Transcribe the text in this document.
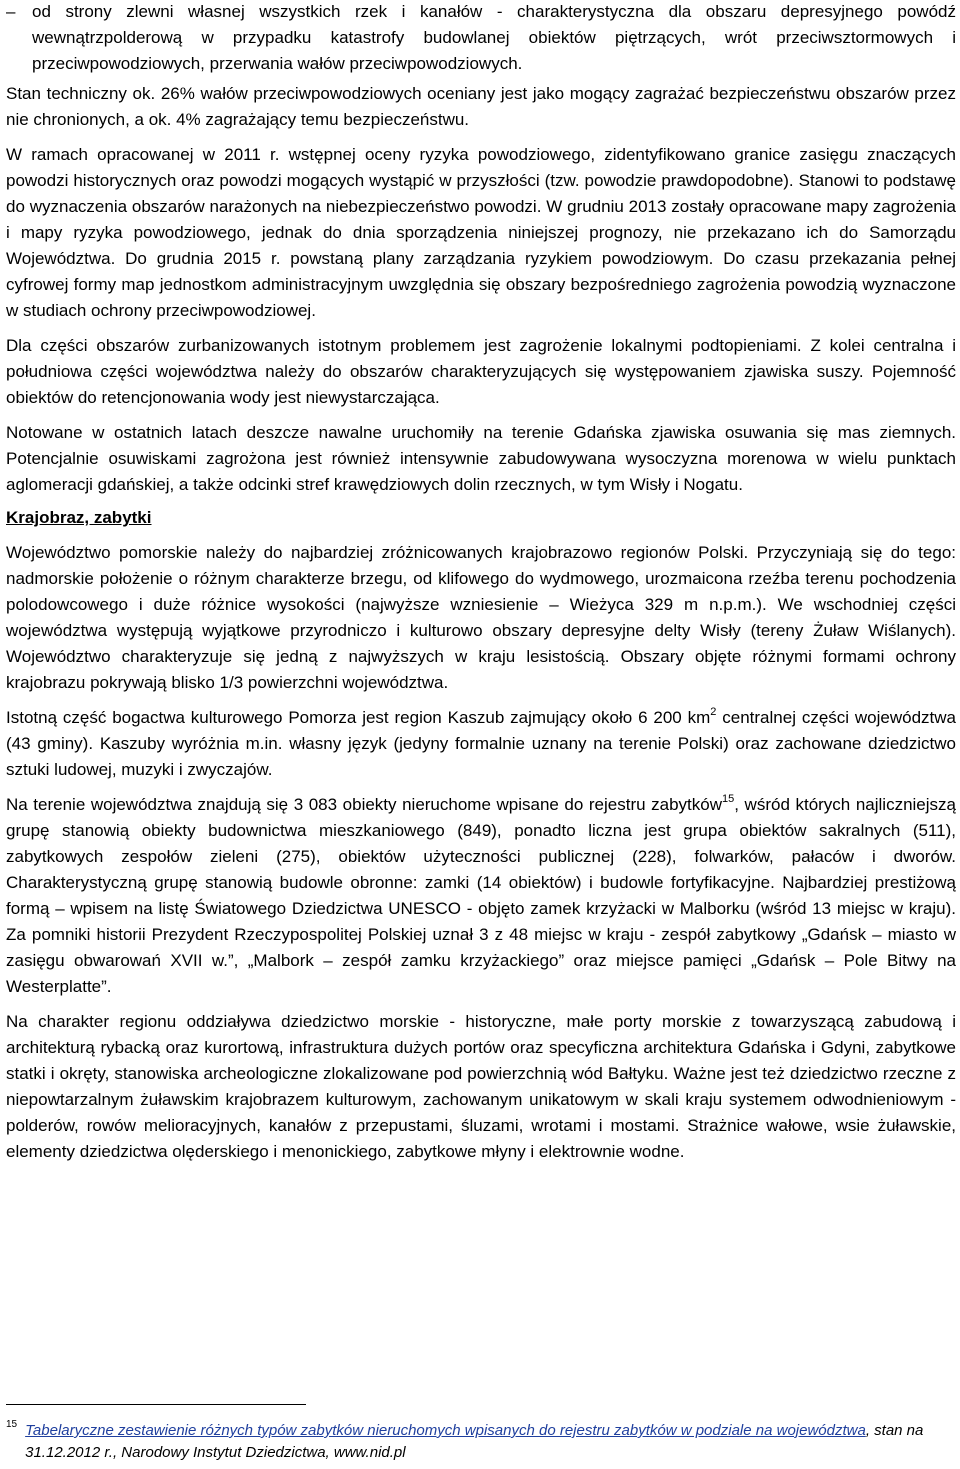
– od strony zlewni własnej wszystkich rzek i kanałów - charakterystyczna dla obszaru depresyjnego powódź wewnątrzpolderową w przypadku katastrofy budowlanej obiektów piętrzących, wrót przeciwsztormowych i przeciwpowodziowych, przerwania wałów przeciwpowodziowych.

Stan techniczny ok. 26% wałów przeciwpowodziowych oceniany jest jako mogący zagrażać bezpieczeństwu obszarów przez nie chronionych, a ok. 4% zagrażający temu bezpieczeństwu.

W ramach opracowanej w 2011 r. wstępnej oceny ryzyka powodziowego, zidentyfikowano granice zasięgu znaczących powodzi historycznych oraz powodzi mogących wystąpić w przyszłości (tzw. powodzie prawdopodobne). Stanowi to podstawę do wyznaczenia obszarów narażonych na niebezpieczeństwo powodzi. W grudniu 2013 zostały opracowane mapy zagrożenia i mapy ryzyka powodziowego, jednak do dnia sporządzenia niniejszej prognozy, nie przekazano ich do Samorządu Województwa. Do grudnia 2015 r. powstaną plany zarządzania ryzykiem powodziowym. Do czasu przekazania pełnej cyfrowej formy map jednostkom administracyjnym uwzględnia się obszary bezpośredniego zagrożenia powodzią wyznaczone w studiach ochrony przeciwpowodziowej.

Dla części obszarów zurbanizowanych istotnym problemem jest zagrożenie lokalnymi podtopieniami. Z kolei centralna i południowa części województwa należy do obszarów charakteryzujących się występowaniem zjawiska suszy. Pojemność obiektów do retencjonowania wody jest niewystarczająca.

Notowane w ostatnich latach deszcze nawalne uruchomiły na terenie Gdańska zjawiska osuwania się mas ziemnych. Potencjalnie osuwiskami zagrożona jest również intensywnie zabudowywana wysoczyzna morenowa w wielu punktach aglomeracji gdańskiej, a także odcinki stref krawędziowych dolin rzecznych, w tym Wisły i Nogatu.

Krajobraz, zabytki

Województwo pomorskie należy do najbardziej zróżnicowanych krajobrazowo regionów Polski. Przyczyniają się do tego: nadmorskie położenie o różnym charakterze brzegu, od klifowego do wydmowego, urozmaicona rzeźba terenu pochodzenia polodowcowego i duże różnice wysokości (najwyższe wzniesienie – Wieżyca 329 m n.p.m.). We wschodniej części województwa występują wyjątkowe przyrodniczo i kulturowo obszary depresyjne delty Wisły (tereny Żuław Wiślanych). Województwo charakteryzuje się jedną z najwyższych w kraju lesistością. Obszary objęte różnymi formami ochrony krajobrazu pokrywają blisko 1/3 powierzchni województwa.

Istotną część bogactwa kulturowego Pomorza jest region Kaszub zajmujący około 6 200 $km^2$ centralnej części województwa (43 gminy). Kaszuby wyróżnia m.in. własny język (jedyny formalnie uznany na terenie Polski) oraz zachowane dziedzictwo sztuki ludowej, muzyki i zwyczajów.

Na terenie województwa znajdują się 3 083 obiekty nieruchome wpisane do rejestru zabytków$^{15}$, wśród których najliczniejszą grupę stanowią obiekty budownictwa mieszkaniowego (849), ponadto liczna jest grupa obiektów sakralnych (511), zabytkowych zespołów zieleni (275), obiektów użyteczności publicznej (228), folwarków, pałaców i dworów. Charakterystyczną grupę stanowią budowle obronne: zamki (14 obiektów) i budowle fortyfikacyjne. Najbardziej prestiżową formą – wpisem na listę Światowego Dziedzictwa UNESCO - objęto zamek krzyżacki w Malborku (wśród 13 miejsc w kraju). Za pomniki historii Prezydent Rzeczypospolitej Polskiej uznał 3 z 48 miejsc w kraju - zespół zabytkowy „Gdańsk – miasto w zasięgu obwarowań XVII w.”, „Malbork – zespół zamku krzyżackiego” oraz miejsce pamięci „Gdańsk – Pole Bitwy na Westerplatte”.

Na charakter regionu oddziaływa dziedzictwo morskie - historyczne, małe porty morskie z towarzyszącą zabudową i architekturą rybacką oraz kurortową, infrastruktura dużych portów oraz specyficzna architektura Gdańska i Gdyni, zabytkowe statki i okręty, stanowiska archeologiczne zlokalizowane pod powierzchnią wód Bałtyku. Ważne jest też dziedzictwo rzeczne z niepowtarzalnym żuławskim krajobrazem kulturowym, zachowanym unikatowym w skali kraju systemem odwodnieniowym - polderów, rowów melioracyjnych, kanałów z przepustami, śluzami, wrotami i mostami. Strażnice wałowe, wsie żuławskie, elementy dziedzictwa olęderskiego i menonickiego, zabytkowe młyny i elektrownie wodne.

$^{15}$ Tabelaryczne zestawienie różnych typów zabytków nieruchomych wpisanych do rejestru zabytków w podziale na województwa, stan na 31.12.2012 r., Narodowy Instytut Dziedzictwa, www.nid.pl
